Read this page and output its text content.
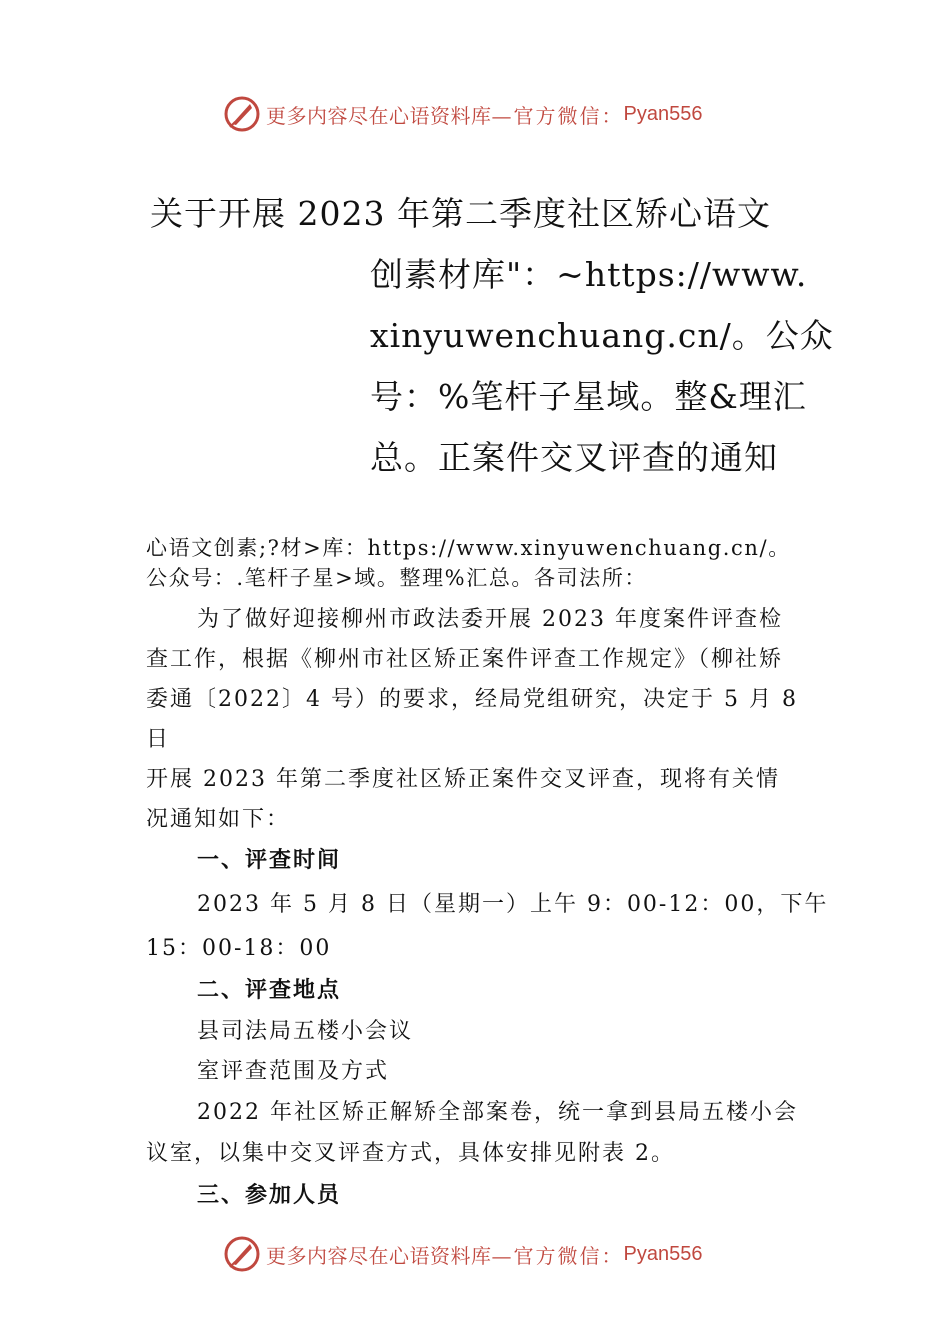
更多内容尽在心语资料库 —官方微信： Pyan556
关于开展 2023 年第二季度社区矫心语文
创素材库"：~https://www.
xinyuwenchuang.cn/。公众
号：%笔杆子星域。整&理汇
总。正案件交叉评查的通知
心语文创素;?材>库：https://www.xinyuwenchuang.cn/。
公众号：.笔杆子星>域。整理%汇总。各司法所：
为了做好迎接柳州市政法委开展 2023 年度案件评查检
查工作，根据《柳州市社区矫正案件评查工作规定》（柳社矫
委通〔2022〕4 号）的要求，经局党组研究，决定于 5 月 8
日
开展 2023 年第二季度社区矫正案件交叉评查，现将有关情
况通知如下：
一、评查时间
2023 年 5 月 8 日（星期一）上午 9：00-12：00，下午
15：00-18：00
二、评查地点
县司法局五楼小会议
室评查范围及方式
2022 年社区矫正解矫全部案卷，统一拿到县局五楼小会
议室，以集中交叉评查方式，具体安排见附表 2。
三、参加人员
更多内容尽在心语资料库 —官方微信： Pyan556
